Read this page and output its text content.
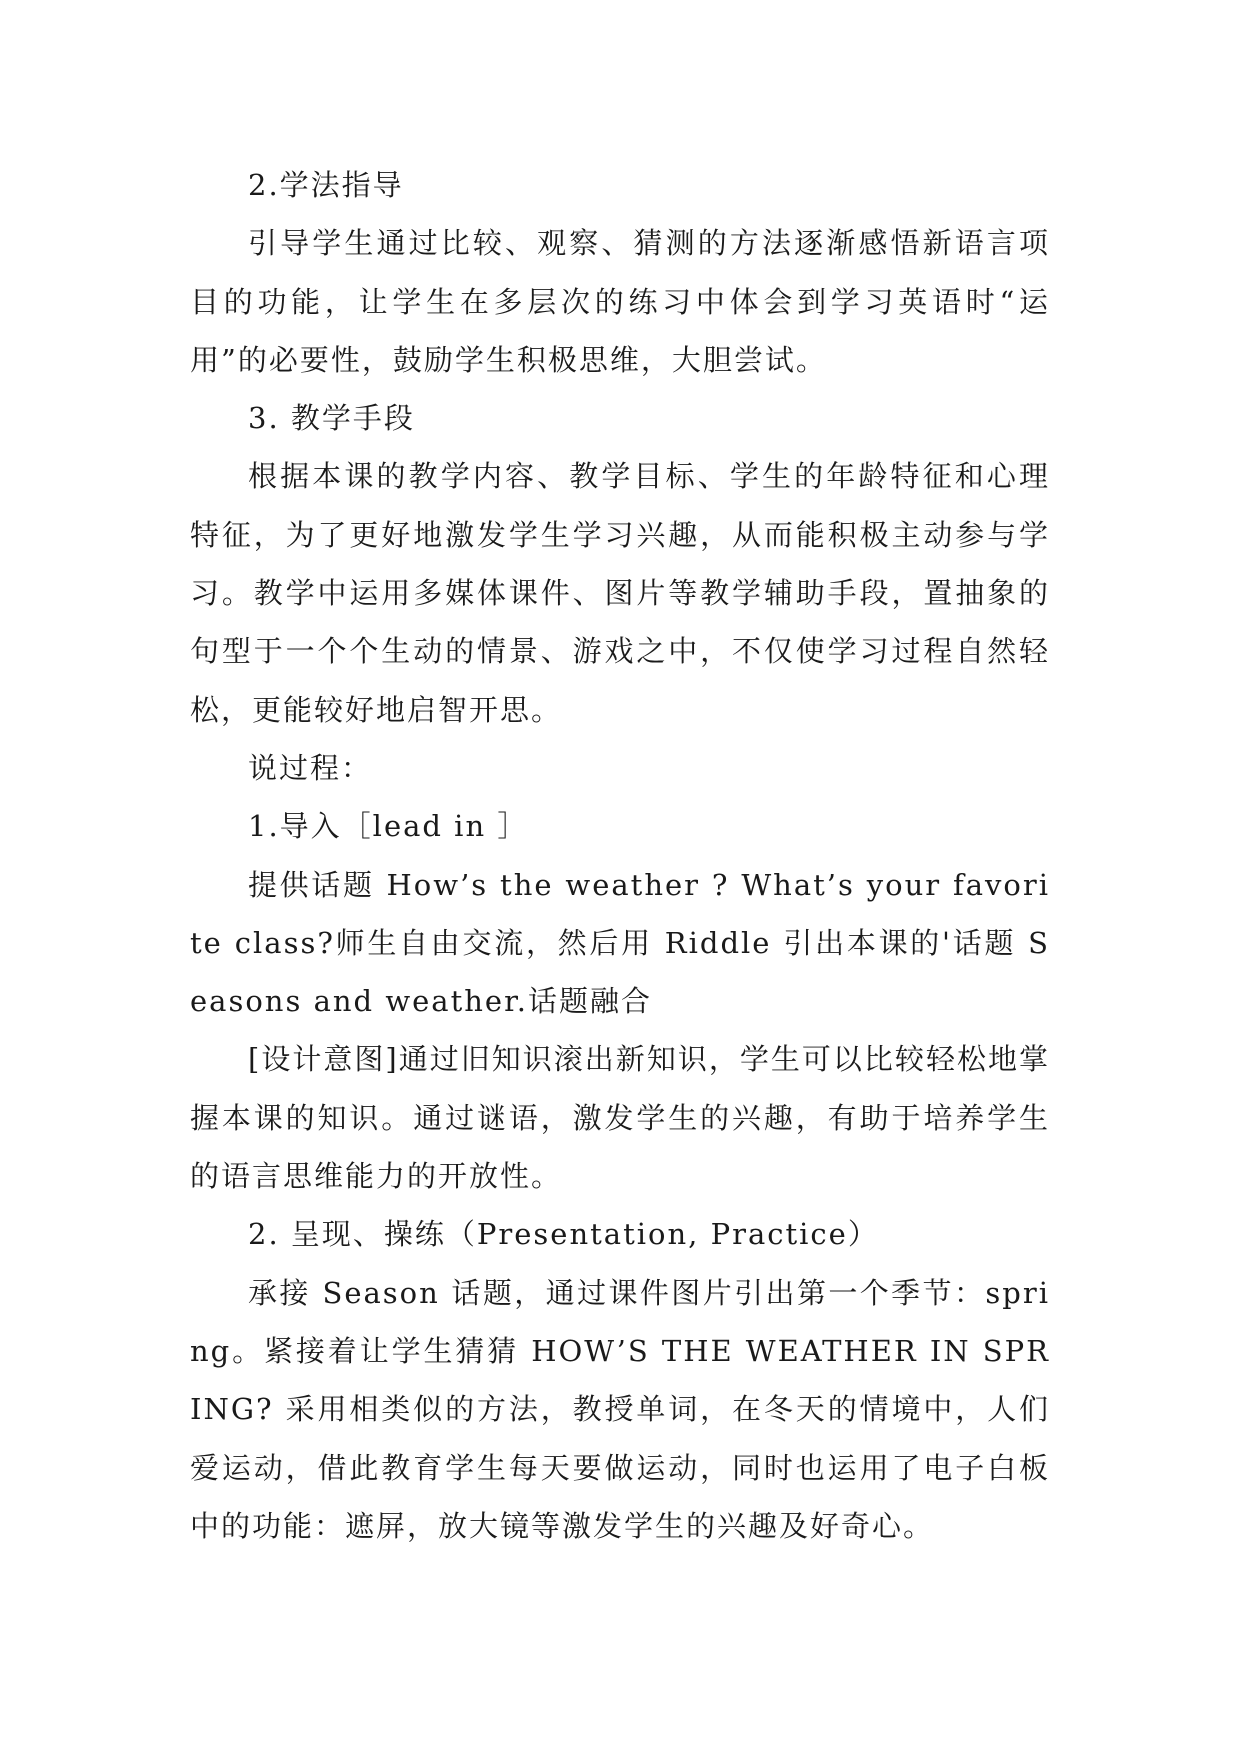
2.学法指导

引导学生通过比较、观察、猜测的方法逐渐感悟新语言项目的功能，让学生在多层次的练习中体会到学习英语时“运用”的必要性，鼓励学生积极思维，大胆尝试。

3. 教学手段

根据本课的教学内容、教学目标、学生的年龄特征和心理特征，为了更好地激发学生学习兴趣，从而能积极主动参与学习。教学中运用多媒体课件、图片等教学辅助手段，置抽象的句型于一个个生动的情景、游戏之中，不仅使学习过程自然轻松，更能较好地启智开思。

说过程：

1.导入［lead in ］

提供话题 How’s the weather ? What’s your favorite class?师生自由交流，然后用 Riddle 引出本课的'话题 Seasons and weather.话题融合

[设计意图]通过旧知识滚出新知识，学生可以比较轻松地掌握本课的知识。通过谜语，激发学生的兴趣，有助于培养学生的语言思维能力的开放性。

2. 呈现、操练（Presentation, Practice）

承接 Season 话题，通过课件图片引出第一个季节：spring。紧接着让学生猜猜 HOW’S THE WEATHER IN SPRING? 采用相类似的方法，教授单词，在冬天的情境中，人们爱运动，借此教育学生每天要做运动，同时也运用了电子白板中的功能：遮屏，放大镜等激发学生的兴趣及好奇心。
